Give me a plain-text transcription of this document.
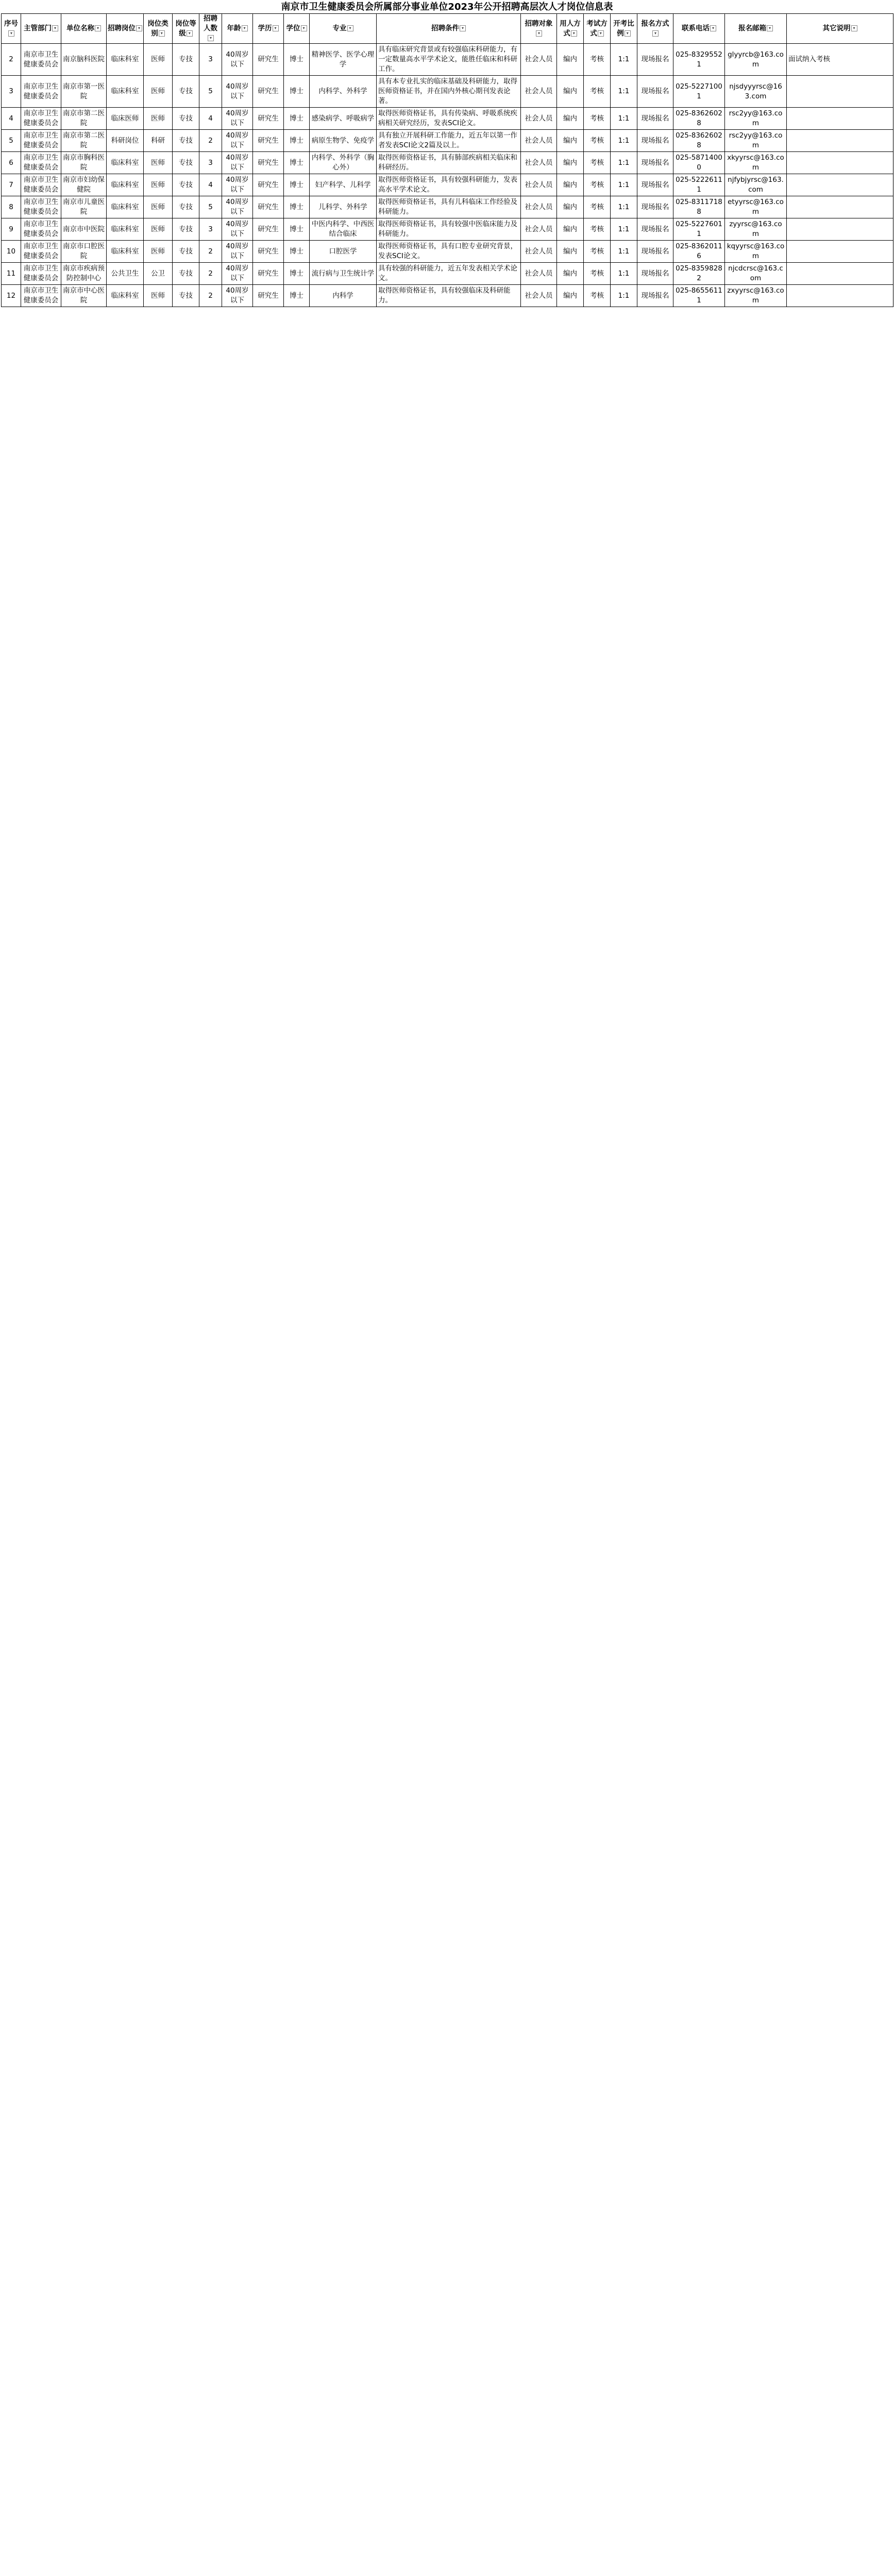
南京市卫生健康委员会所属部分事业单位2023年公开招聘高层次人才岗位信息表
序号▾	主管部门 ▾	单位名称 ▾	招聘岗位 ▾	岗位类别 ▾	岗位等级 ▾	招聘人数▾	年龄 ▾	学历 ▾	学位 ▾	专业 ▾	招聘条件 ▾	招聘对象▾	用人方式 ▾	考试方式 ▾	开考比例 ▾	报名方式▾	联系电话 ▾	报名邮箱 ▾	其它说明 ▾
2	南京市卫生健康委员会	南京脑科医院	临床科室	医师	专技	3	40周岁以下	研究生	博士	精神医学、医学心理学	具有临床研究背景或有较强临床科研能力，有一定数量高水平学术论文，能胜任临床和科研工作。	社会人员	编内	考核	1:1	现场报名	025-83295521	glyyrcb@163.com	面试纳入考核
3	南京市卫生健康委员会	南京市第一医院	临床科室	医师	专技	5	40周岁以下	研究生	博士	内科学、外科学	具有本专业扎实的临床基础及科研能力，取得医师资格证书，并在国内外核心期刊发表论著。	社会人员	编内	考核	1:1	现场报名	025-52271001	njsdyyyrsc@163.com	
4	南京市卫生健康委员会	南京市第二医院	临床医师	医师	专技	4	40周岁以下	研究生	博士	感染病学、呼吸病学	取得医师资格证书，具有传染病、呼吸系统疾病相关研究经历，发表SCI论文。	社会人员	编内	考核	1:1	现场报名	025-83626028	rsc2yy@163.com	
5	南京市卫生健康委员会	南京市第二医院	科研岗位	科研	专技	2	40周岁以下	研究生	博士	病原生物学、免疫学	具有独立开展科研工作能力，近五年以第一作者发表SCI论文2篇及以上。	社会人员	编内	考核	1:1	现场报名	025-83626028	rsc2yy@163.com	
6	南京市卫生健康委员会	南京市胸科医院	临床科室	医师	专技	3	40周岁以下	研究生	博士	内科学、外科学（胸心外）	取得医师资格证书，具有肺部疾病相关临床和科研经历。	社会人员	编内	考核	1:1	现场报名	025-58714000	xkyyrsc@163.com	
7	南京市卫生健康委员会	南京市妇幼保健院	临床科室	医师	专技	4	40周岁以下	研究生	博士	妇产科学、儿科学	取得医师资格证书，具有较强科研能力，发表高水平学术论文。	社会人员	编内	考核	1:1	现场报名	025-52226111	njfybjyrsc@163.com	
8	南京市卫生健康委员会	南京市儿童医院	临床科室	医师	专技	5	40周岁以下	研究生	博士	儿科学、外科学	取得医师资格证书，具有儿科临床工作经验及科研能力。	社会人员	编内	考核	1:1	现场报名	025-83117188	etyyrsc@163.com	
9	南京市卫生健康委员会	南京市中医院	临床科室	医师	专技	3	40周岁以下	研究生	博士	中医内科学、中西医结合临床	取得医师资格证书，具有较强中医临床能力及科研能力。	社会人员	编内	考核	1:1	现场报名	025-52276011	zyyrsc@163.com	
10	南京市卫生健康委员会	南京市口腔医院	临床科室	医师	专技	2	40周岁以下	研究生	博士	口腔医学	取得医师资格证书，具有口腔专业研究背景，发表SCI论文。	社会人员	编内	考核	1:1	现场报名	025-83620116	kqyyrsc@163.com	
11	南京市卫生健康委员会	南京市疾病预防控制中心	公共卫生	公卫	专技	2	40周岁以下	研究生	博士	流行病与卫生统计学	具有较强的科研能力，近五年发表相关学术论文。	社会人员	编内	考核	1:1	现场报名	025-83598282	njcdcrsc@163.com	
12	南京市卫生健康委员会	南京市中心医院	临床科室	医师	专技	2	40周岁以下	研究生	博士	内科学	取得医师资格证书，具有较强临床及科研能力。	社会人员	编内	考核	1:1	现场报名	025-86556111	zxyyrsc@163.com	
